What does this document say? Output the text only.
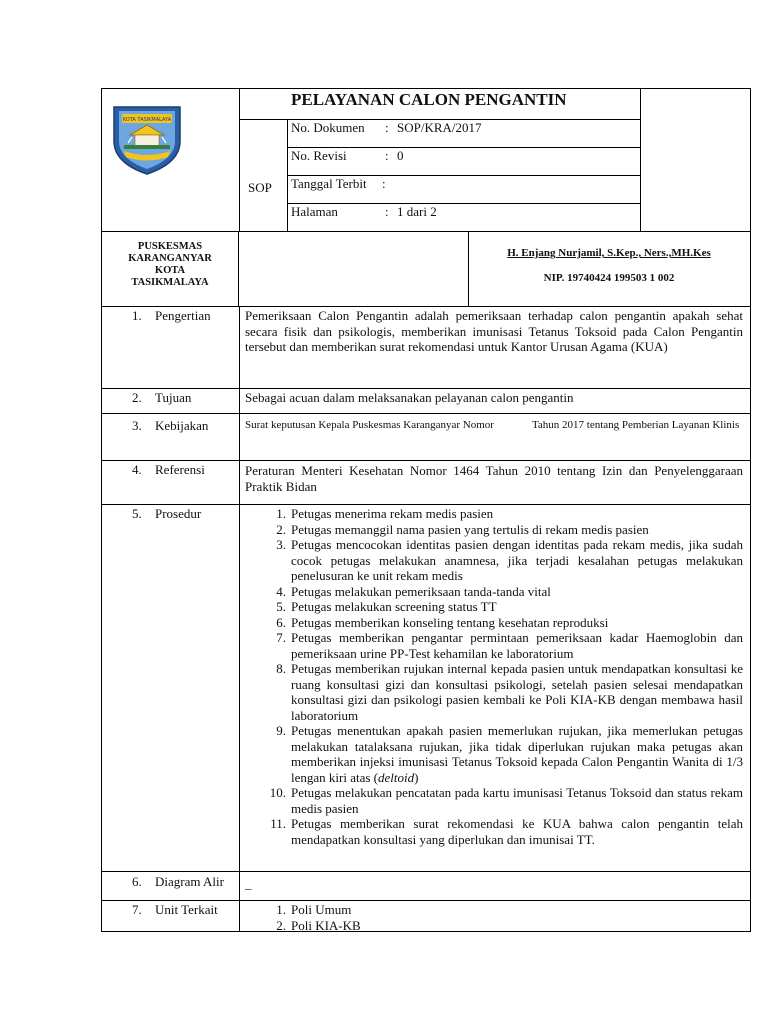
KOTA TASIKMALAYA
PELAYANAN CALON PENGANTIN
SOP
No. Dokumen : SOP/KRA/2017
No. Revisi	: 0
Tanggal Terbit :
Halaman	: 1 dari 2
PUSKESMAS
KARANGANYAR
KOTA
TASIKMALAYA
H. Enjang Nurjamil, S.Kep., Ners.,MH.Kes
NIP. 19740424 199503 1 002
1. Pengertian	Pemeriksaan Calon Pengantin adalah pemeriksaan terhadap calon pengantin apakah sehat secara fisik dan psikologis, memberikan imunisasi Tetanus Toksoid pada Calon Pengantin tersebut dan memberikan surat rekomendasi untuk Kantor Urusan Agama (KUA)
2. Tujuan	Sebagai acuan dalam melaksanakan pelayanan calon pengantin
3. Kebijakan	Surat keputusan Kepala Puskesmas Karanganyar Nomor	Tahun 2017 tentang Pemberian Layanan Klinis
4. Referensi	Peraturan Menteri Kesehatan Nomor 1464 Tahun 2010 tentang Izin dan Penyelenggaraan Praktik Bidan
5. Prosedur	1. Petugas menerima rekam medis pasien
2. Petugas memanggil nama pasien yang tertulis di rekam medis pasien
3. Petugas mencocokan identitas pasien dengan identitas pada rekam medis, jika sudah cocok petugas melakukan anamnesa, jika terjadi kesalahan petugas melakukan penelusuran ke unit rekam medis
4. Petugas melakukan pemeriksaan tanda-tanda vital
5. Petugas melakukan screening status TT
6. Petugas memberikan konseling tentang kesehatan reproduksi
7. Petugas memberikan pengantar permintaan pemeriksaan kadar Haemoglobin dan pemeriksaan urine PP-Test kehamilan ke laboratorium
8. Petugas memberikan rujukan internal kepada pasien untuk mendapatkan konsultasi ke ruang konsultasi gizi dan konsultasi psikologi, setelah pasien selesai mendapatkan konsultasi gizi dan psikologi pasien kembali ke Poli KIA-KB dengan membawa hasil laboratorium
9. Petugas menentukan apakah pasien memerlukan rujukan, jika memerlukan petugas melakukan tatalaksana rujukan, jika tidak diperlukan rujukan maka petugas akan memberikan injeksi imunisasi Tetanus Toksoid kepada Calon Pengantin Wanita di 1/3 lengan kiri atas (deltoid)
10. Petugas melakukan pencatatan pada kartu imunisasi Tetanus Toksoid dan status rekam medis pasien
11. Petugas memberikan surat rekomendasi ke KUA bahwa calon pengantin telah mendapatkan konsultasi yang diperlukan dan imunisai TT.
6. Diagram Alir _
7. Unit Terkait	1. Poli Umum
2. Poli KIA-KB
